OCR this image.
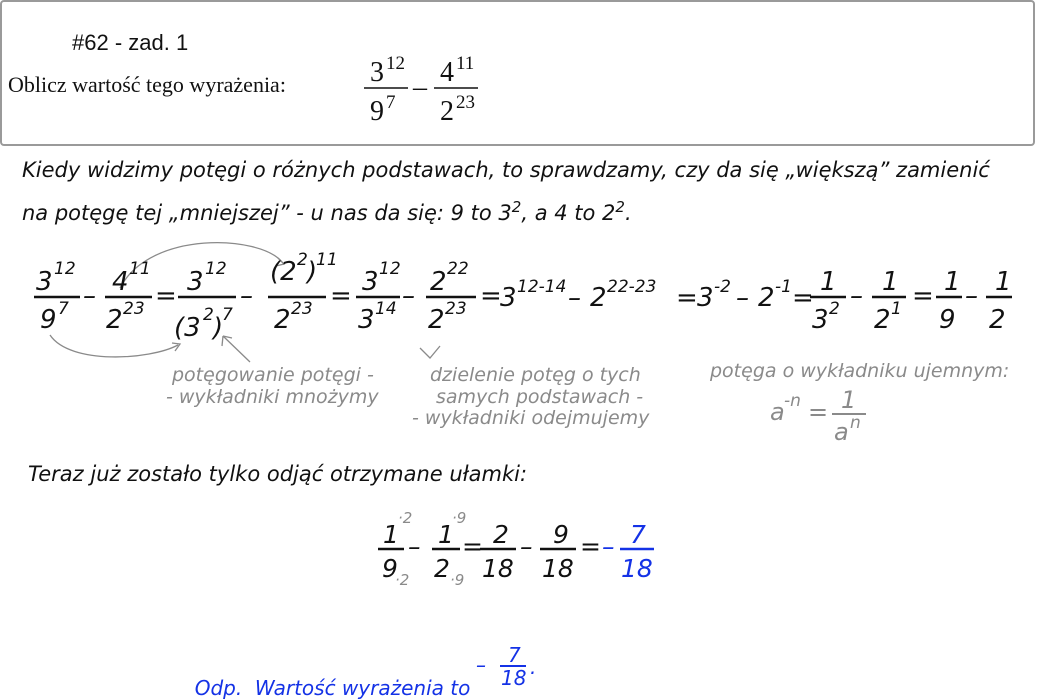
#62 - zad. 1
Oblicz wartość tego wyrażenia:	3 12
9 7 – 4 11
2 23
Kiedy widzimy potęgi o różnych podstawach, to sprawdzamy, czy da się „większą” zamienić
na potęgę tej „mniejszej” - u nas da się: 9 to $3^2$, a 4 to $2^2$.
3 12
9 7 – 4 11
2 23 = 3 12
(3 2 )
7
–
(2 2 )
11
2 23 = 3 12
3 14 – 2 22
2 23 =
3 12-14 – 2 22-23 = 3 -2 – 2 -1 =
1
3 2 – 1
2 1 = 1
9
– 1
2
potęgowanie potęgi -
- wykładniki mnożymy
dzielenie potęg o tych
samych podstawach -
- wykładniki odejmujemy
potęga o wykładniku ujemnym:
a -n = 1
a n
Teraz już zostało tylko odjąć otrzymane ułamki:
1
·2
9
·2
– 1
·9
2 ·9
= 2
18
– 9
18
= – 7
18

Odp.  Wartość wyrażenia to

– 7
18 .
